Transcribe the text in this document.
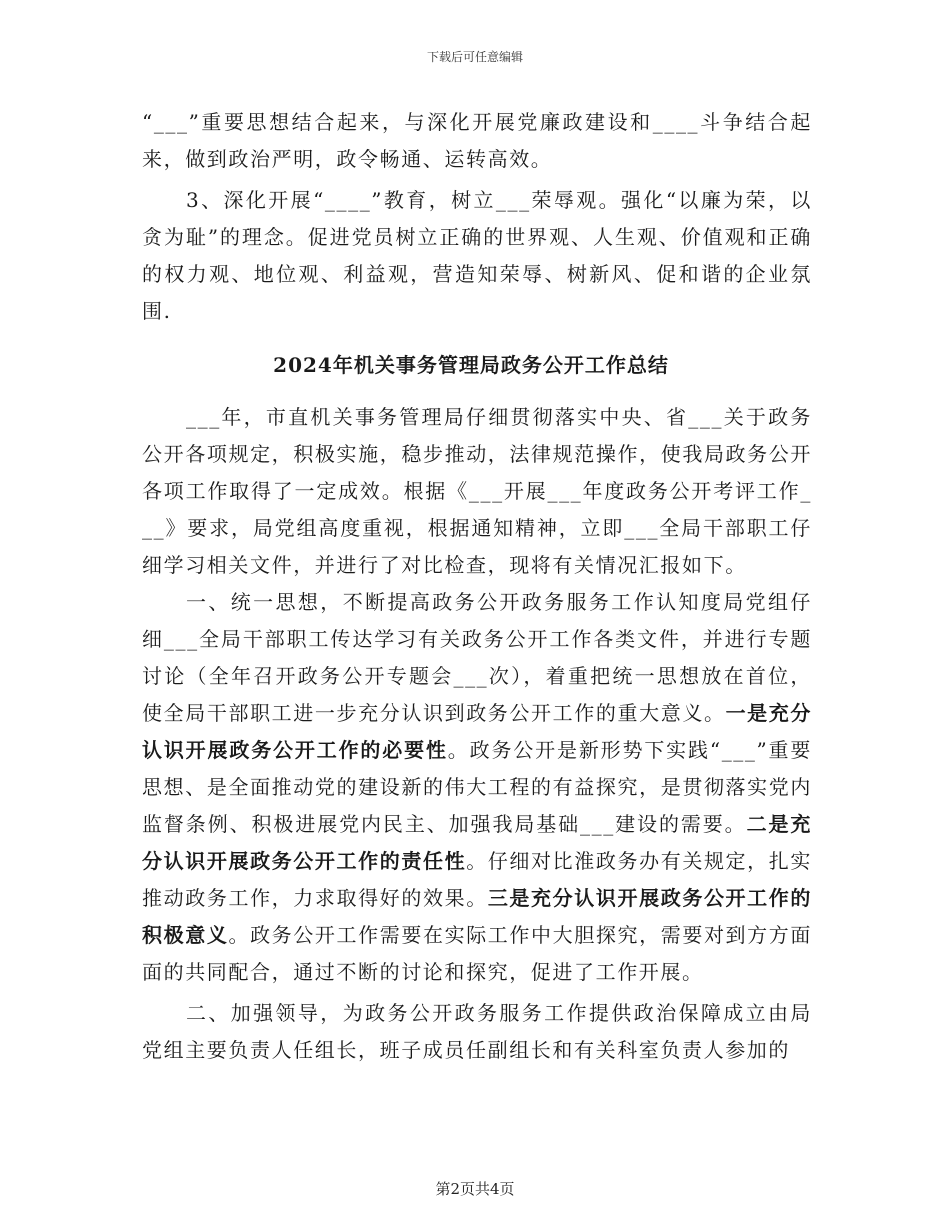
下载后可任意编辑

“___”重要思想结合起来，与深化开展党廉政建设和____斗争结合起来，做到政治严明，政令畅通、运转高效。

3、深化开展“____”教育，树立___荣辱观。强化“以廉为荣，以贪为耻”的理念。促进党员树立正确的世界观、人生观、价值观和正确的权力观、地位观、利益观，营造知荣辱、树新风、促和谐的企业氛围.

2024年机关事务管理局政务公开工作总结

___年，市直机关事务管理局仔细贯彻落实中央、省___关于政务公开各项规定，积极实施，稳步推动，法律规范操作，使我局政务公开各项工作取得了一定成效。根据《___开展___年度政务公开考评工作___》要求，局党组高度重视，根据通知精神，立即___全局干部职工仔细学习相关文件，并进行了对比检查，现将有关情况汇报如下。

一、统一思想，不断提高政务公开政务服务工作认知度局党组仔细___全局干部职工传达学习有关政务公开工作各类文件，并进行专题讨论（全年召开政务公开专题会___次），着重把统一思想放在首位，使全局干部职工进一步充分认识到政务公开工作的重大意义。一是充分认识开展政务公开工作的必要性。政务公开是新形势下实践“___”重要思想、是全面推动党的建设新的伟大工程的有益探究，是贯彻落实党内监督条例、积极进展党内民主、加强我局基础___建设的需要。二是充分认识开展政务公开工作的责任性。仔细对比淮政务办有关规定，扎实推动政务工作，力求取得好的效果。三是充分认识开展政务公开工作的积极意义。政务公开工作需要在实际工作中大胆探究，需要对到方方面面的共同配合，通过不断的讨论和探究，促进了工作开展。

二、加强领导，为政务公开政务服务工作提供政治保障成立由局党组主要负责人任组长，班子成员任副组长和有关科室负责人参加的

第2页共4页
